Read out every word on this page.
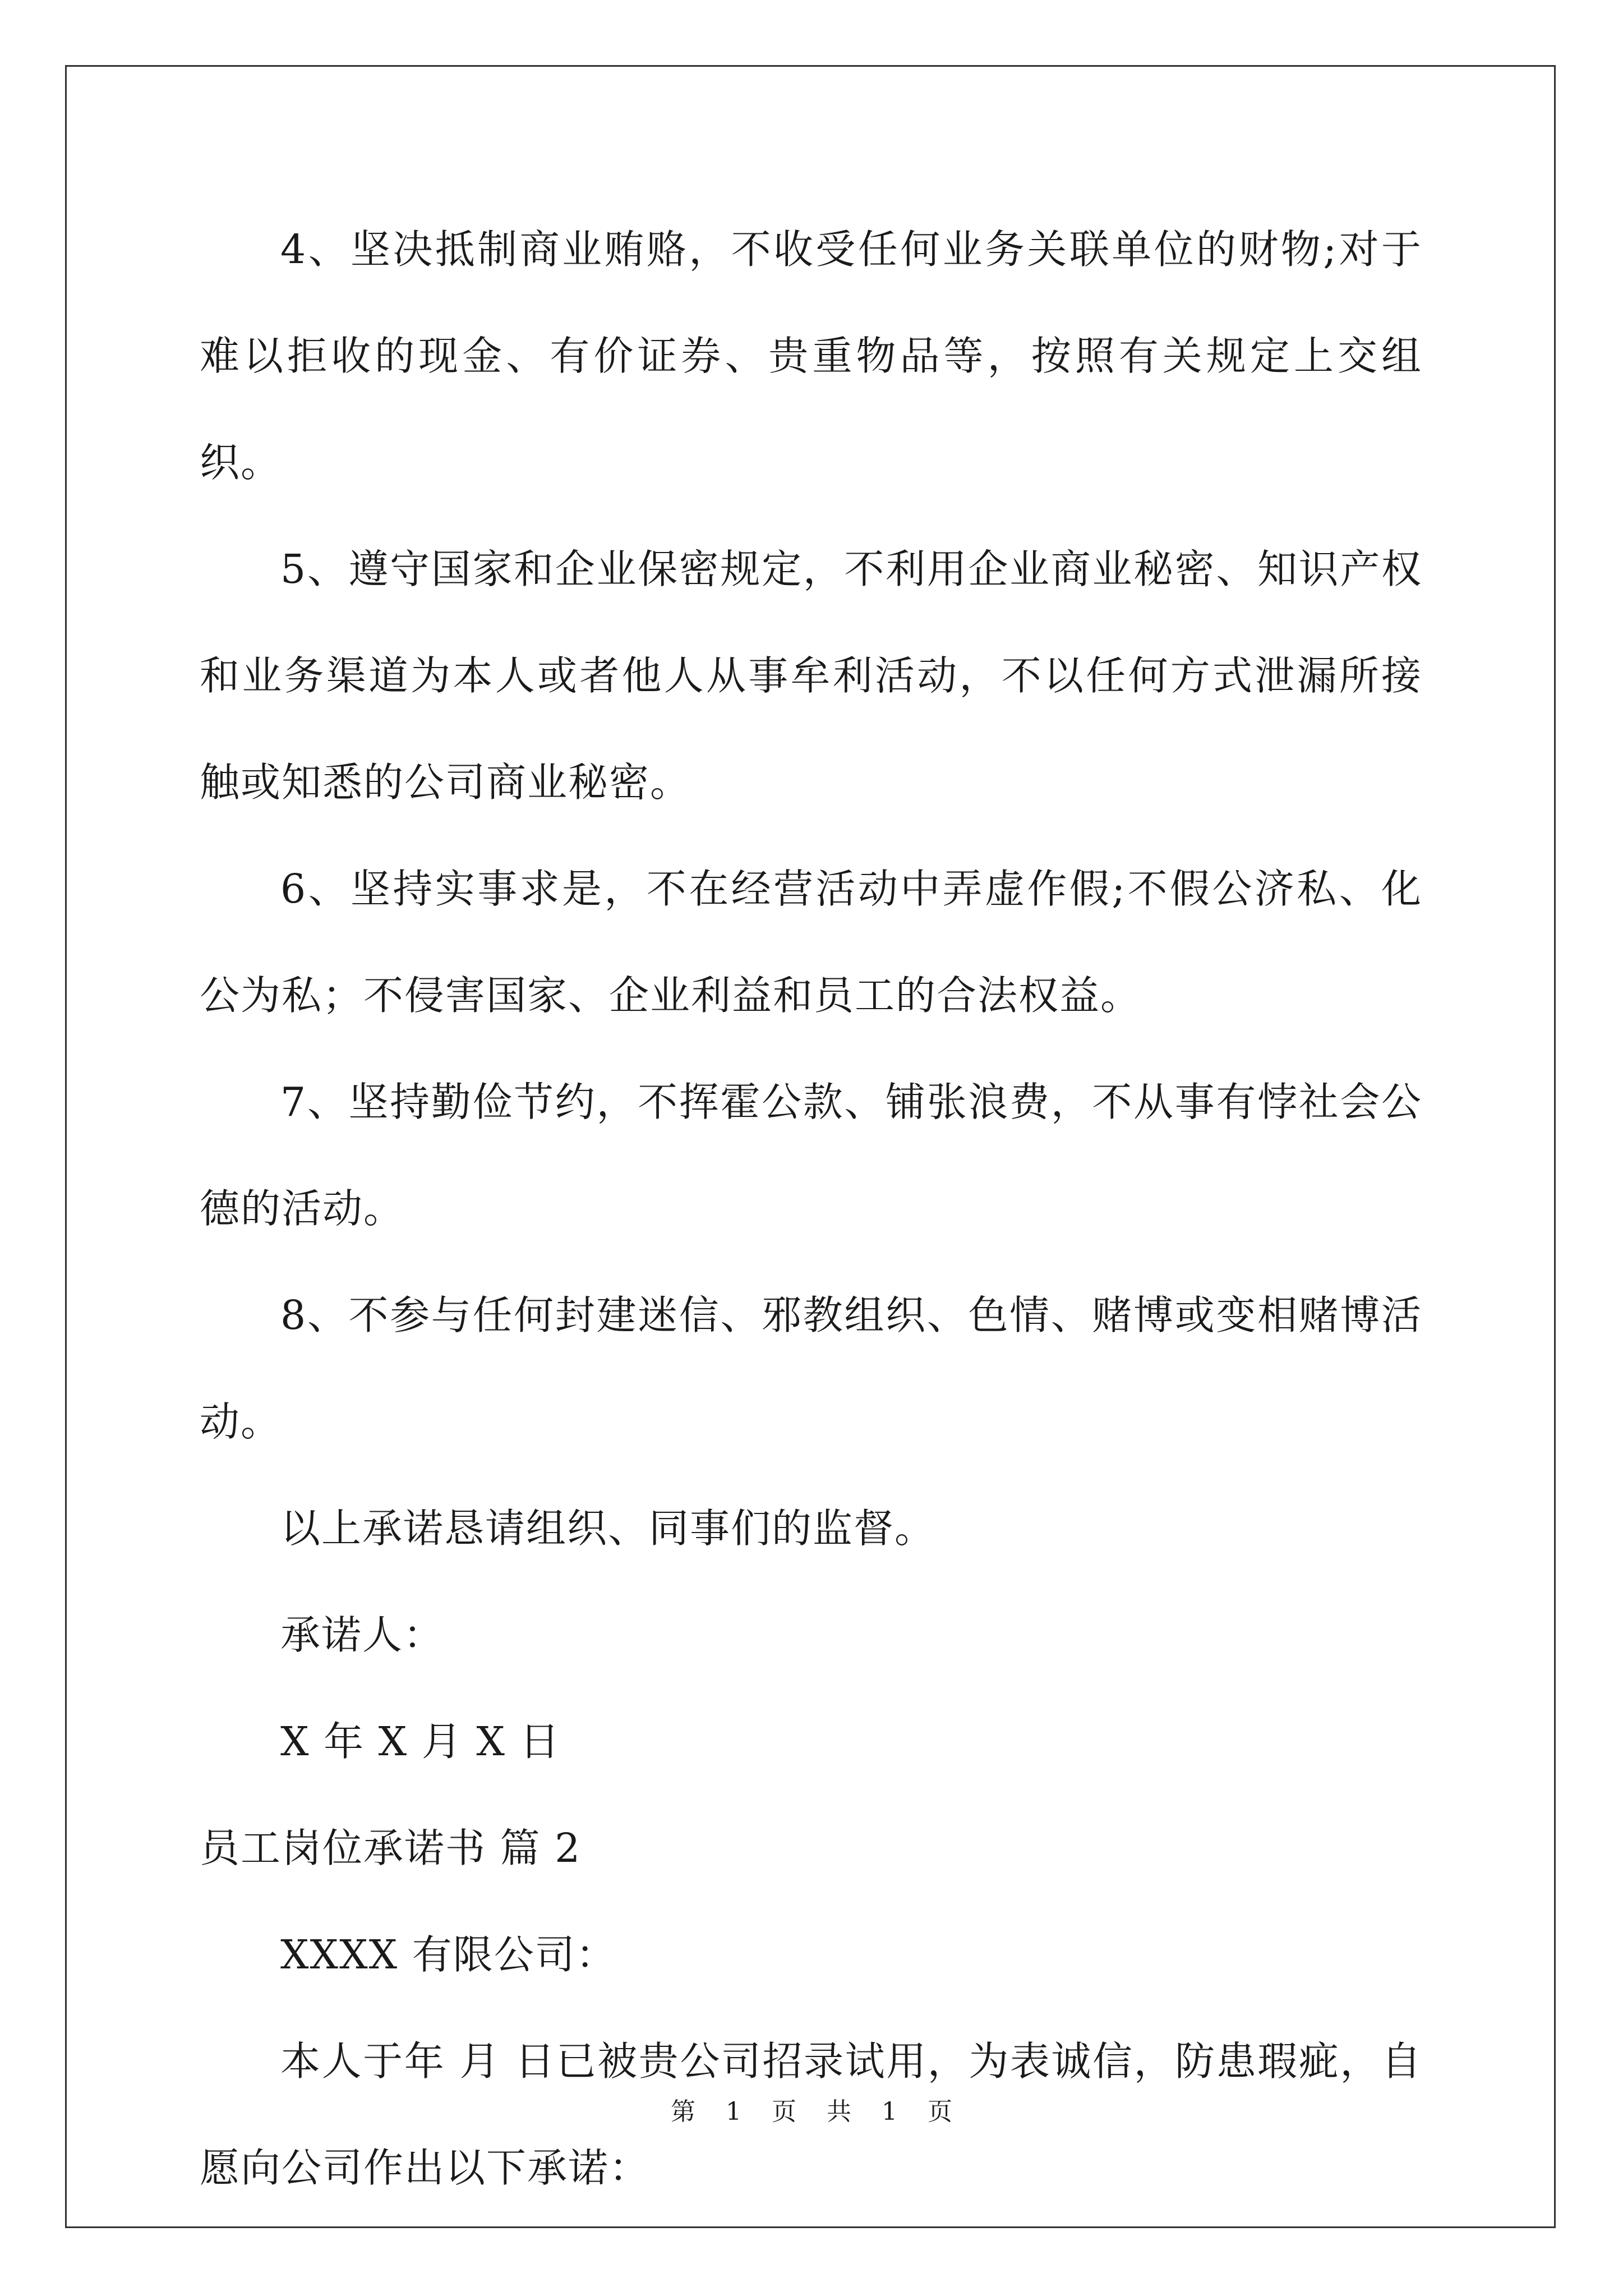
4、坚决抵制商业贿赂，不收受任何业务关联单位的财物;对于难以拒收的现金、有价证券、贵重物品等，按照有关规定上交组织。

5、遵守国家和企业保密规定，不利用企业商业秘密、知识产权和业务渠道为本人或者他人从事牟利活动，不以任何方式泄漏所接触或知悉的公司商业秘密。

6、坚持实事求是，不在经营活动中弄虚作假;不假公济私、化公为私；不侵害国家、企业利益和员工的合法权益。

7、坚持勤俭节约，不挥霍公款、铺张浪费，不从事有悖社会公德的活动。

8、不参与任何封建迷信、邪教组织、色情、赌博或变相赌博活动。

以上承诺恳请组织、同事们的监督。

承诺人：

X 年 X 月 X 日

员工岗位承诺书 篇 2

XXXX 有限公司：

本人于年 月 日已被贵公司招录试用，为表诚信，防患瑕疵，自愿向公司作出以下承诺：

第 1 页 共 1 页
